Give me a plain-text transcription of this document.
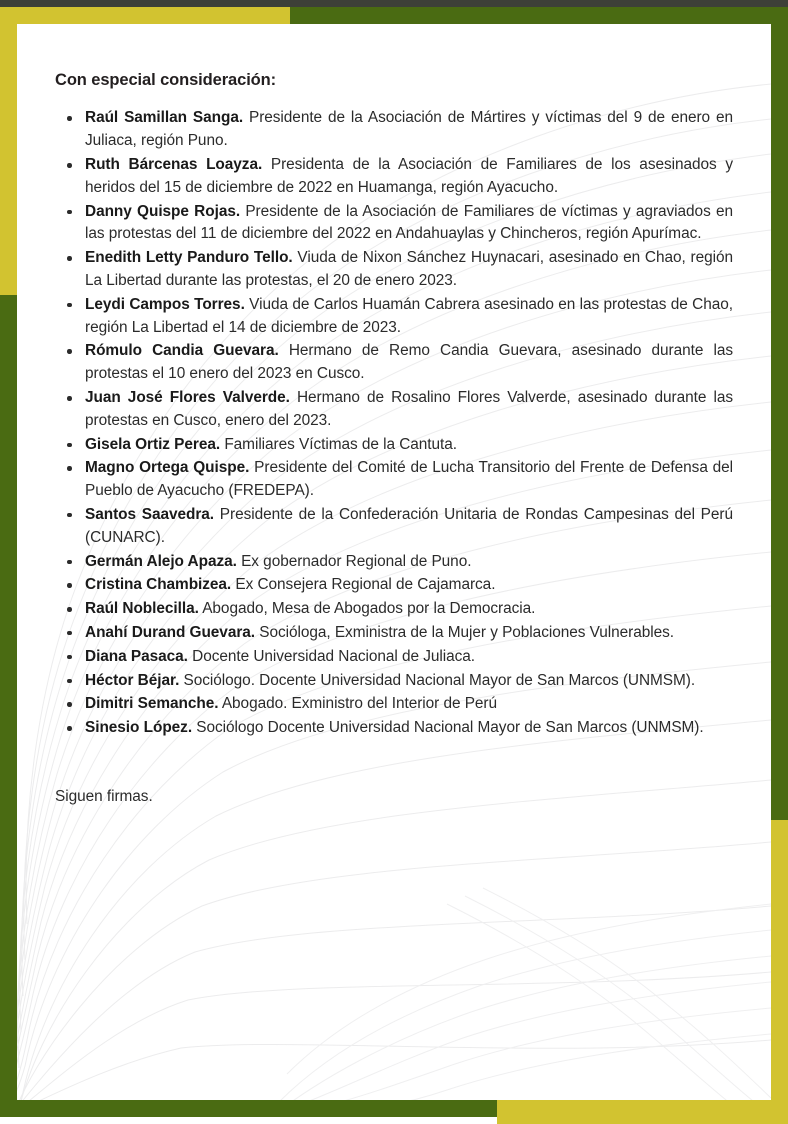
Con especial consideración:
Raúl Samillan Sanga. Presidente de la Asociación de Mártires y víctimas del 9 de enero en Juliaca, región Puno.
Ruth Bárcenas Loayza. Presidenta de la Asociación de Familiares de los asesinados y heridos del 15 de diciembre de 2022 en Huamanga, región Ayacucho.
Danny Quispe Rojas. Presidente de la Asociación de Familiares de víctimas y agraviados en las protestas del 11 de diciembre del 2022 en Andahuaylas y Chincheros, región Apurímac.
Enedith Letty Panduro Tello. Viuda de Nixon Sánchez Huynacari, asesinado en Chao, región La Libertad durante las protestas, el 20 de enero 2023.
Leydi Campos Torres. Viuda de Carlos Huamán Cabrera asesinado en las protestas de Chao, región La Libertad el 14 de diciembre de 2023.
Rómulo Candia Guevara. Hermano de Remo Candia Guevara, asesinado durante las protestas el 10 enero del 2023 en Cusco.
Juan José Flores Valverde. Hermano de Rosalino Flores Valverde, asesinado durante las protestas en Cusco, enero del 2023.
Gisela Ortiz Perea. Familiares Víctimas de la Cantuta.
Magno Ortega Quispe. Presidente del Comité de Lucha Transitorio del Frente de Defensa del Pueblo de Ayacucho (FREDEPA).
Santos Saavedra. Presidente de la Confederación Unitaria de Rondas Campesinas del Perú (CUNARC).
Germán Alejo Apaza. Ex gobernador Regional de Puno.
Cristina Chambizea. Ex Consejera Regional de Cajamarca.
Raúl Noblecilla. Abogado, Mesa de Abogados por la Democracia.
Anahí Durand Guevara. Socióloga, Exministra de la Mujer y Poblaciones Vulnerables.
Diana Pasaca. Docente Universidad Nacional de Juliaca.
Héctor Béjar. Sociólogo. Docente Universidad Nacional Mayor de San Marcos (UNMSM).
Dimitri Semanche. Abogado. Exministro del Interior de Perú
Sinesio López. Sociólogo Docente Universidad Nacional Mayor de San Marcos (UNMSM).

Siguen firmas.
